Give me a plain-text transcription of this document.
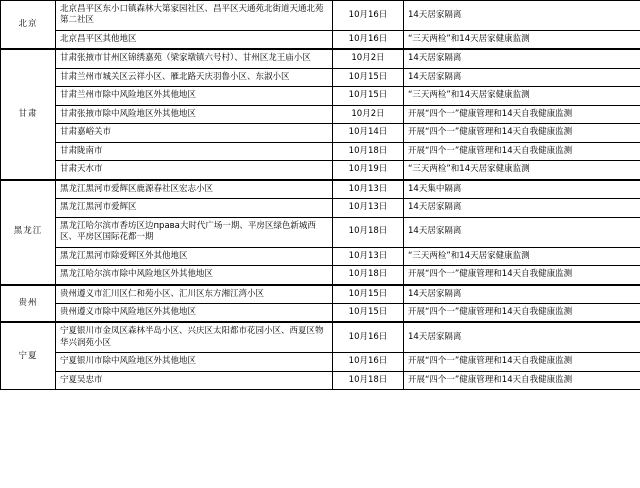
北京	北京昌平区东小口镇森林大第家园社区、昌平区天通苑北街道天通北苑第二社区	10月16日	14天居家隔离
	北京昌平区其他地区	10月16日	“三天两检”和14天居家健康监测
甘肃	甘肃张掖市甘州区锦绣嘉苑（梁家墩镇六号村）、甘州区龙王庙小区	10月2日	14天居家隔离
	甘肃兰州市城关区云祥小区、雁北路天庆羽鲁小区、东淑小区	10月15日	14天居家隔离
	甘肃兰州市除中风险地区外其他地区	10月15日	“三天两检”和14天居家健康监测
	甘肃张掖市除中风险地区外其他地区	10月2日	开展“四个一”健康管理和14天自我健康监测
	甘肃嘉峪关市	10月14日	开展“四个一”健康管理和14天自我健康监测
	甘肃陇南市	10月18日	开展“四个一”健康管理和14天自我健康监测
	甘肃天水市	10月19日	“三天两检”和14天居家健康监测
黑龙江	黑龙江黑河市爱辉区鹿源春社区宏志小区	10月13日	14天集中隔离
	黑龙江黑河市爱辉区	10月13日	14天居家隔离
	黑龙江哈尔滨市香坊区边права大时代广场一期、平房区绿色新城西区、平房区国际花都一期	10月18日	14天居家隔离
	黑龙江黑河市除爱辉区外其他地区	10月13日	“三天两检”和14天居家健康监测
	黑龙江哈尔滨市除中风险地区外其他地区	10月18日	开展“四个一”健康管理和14天自我健康监测
贵州	贵州遵义市汇川区仁和苑小区、汇川区东方湘江湾小区	10月15日	14天居家隔离
	贵州遵义市除中风险地区外其他地区	10月15日	开展“四个一”健康管理和14天自我健康监测
宁夏	宁夏银川市金凤区森林半岛小区、兴庆区太阳都市花园小区、西夏区物华兴润苑小区	10月16日	14天居家隔离
	宁夏银川市除中风险地区外其他地区	10月16日	开展“四个一”健康管理和14天自我健康监测
	宁夏吴忠市	10月18日	开展“四个一”健康管理和14天自我健康监测
